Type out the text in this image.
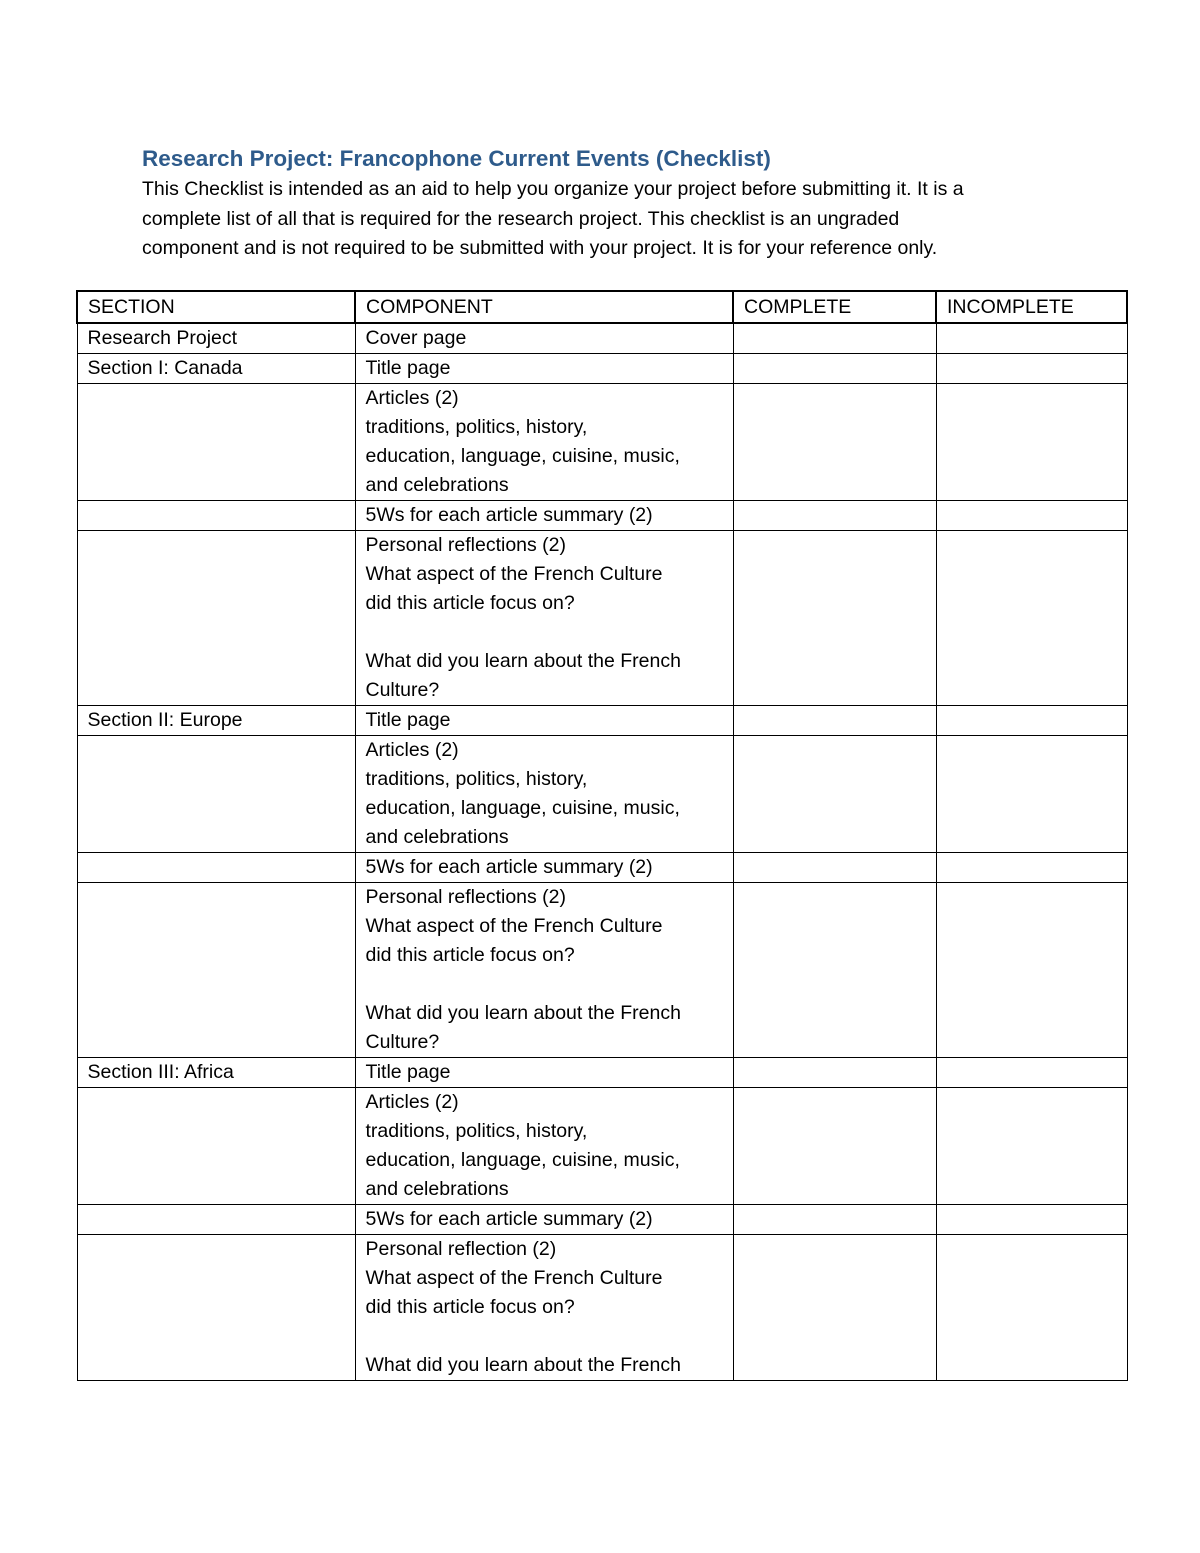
Research Project: Francophone Current Events (Checklist)
This Checklist is intended as an aid to help you organize your project before submitting it. It is a
complete list of all that is required for the research project. This checklist is an ungraded
component and is not required to be submitted with your project. It is for your reference only.
SECTION	COMPONENT	COMPLETE	INCOMPLETE
Research Project	Cover page		

Section I: Canada	Title page		

	Articles (2)
traditions, politics, history,
education, language, cuisine, music,
and celebrations		

	5Ws for each article summary (2)		

	Personal reflections (2)
What aspect of the French Culture
did this article focus on?
What did you learn about the French
Culture?		

Section II: Europe	Title page		

	Articles (2)
traditions, politics, history,
education, language, cuisine, music,
and celebrations		

	5Ws for each article summary (2)		

	Personal reflections (2)
What aspect of the French Culture
did this article focus on?
What did you learn about the French
Culture?		

Section III: Africa	Title page		

	Articles (2)
traditions, politics, history,
education, language, cuisine, music,
and celebrations		

	5Ws for each article summary (2)		

	Personal reflection (2)
What aspect of the French Culture
did this article focus on?
What did you learn about the French		
